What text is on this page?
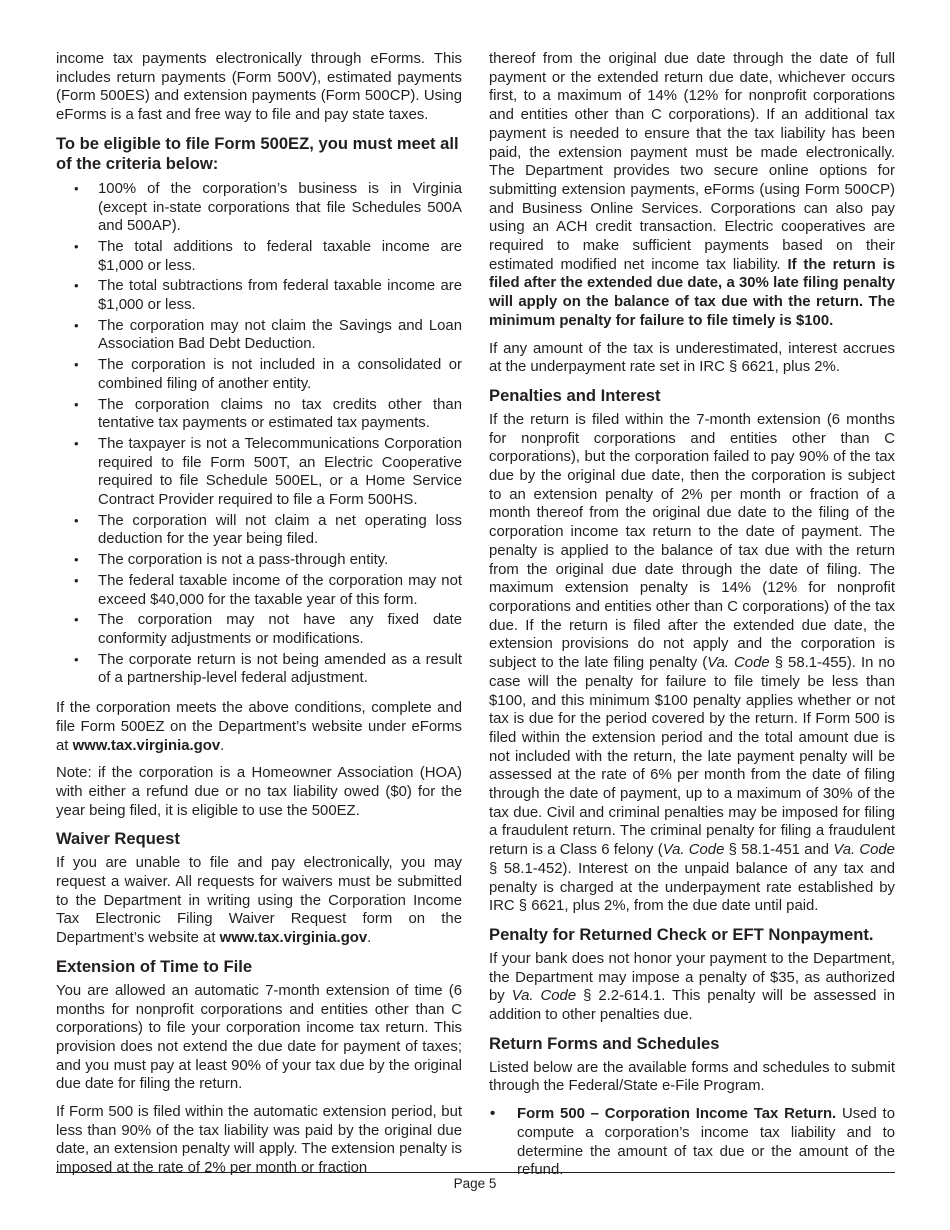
income tax payments electronically through eForms. This includes return payments (Form 500V), estimated payments (Form 500ES) and extension payments (Form 500CP). Using eForms is a fast and free way to file and pay state taxes.

To be eligible to file Form 500EZ, you must meet all of the criteria below:
• 100% of the corporation’s business is in Virginia (except in-state corporations that file Schedules 500A and 500AP).
• The total additions to federal taxable income are $1,000 or less.
• The total subtractions from federal taxable income are $1,000 or less.
• The corporation may not claim the Savings and Loan Association Bad Debt Deduction.
• The corporation is not included in a consolidated or combined filing of another entity.
• The corporation claims no tax credits other than tentative tax payments or estimated tax payments.
• The taxpayer is not a Telecommunications Corporation required to file Form 500T, an Electric Cooperative required to file Schedule 500EL, or a Home Service Contract Provider required to file a Form 500HS.
• The corporation will not claim a net operating loss deduction for the year being filed.
• The corporation is not a pass-through entity.
• The federal taxable income of the corporation may not exceed $40,000 for the taxable year of this form.
• The corporation may not have any fixed date conformity adjustments or modifications.
• The corporate return is not being amended as a result of a partnership-level federal adjustment.

If the corporation meets the above conditions, complete and file Form 500EZ on the Department’s website under eForms at www.tax.virginia.gov.

Note: if the corporation is a Homeowner Association (HOA) with either a refund due or no tax liability owed ($0) for the year being filed, it is eligible to use the 500EZ.

Waiver Request

If you are unable to file and pay electronically, you may request a waiver. All requests for waivers must be submitted to the Department in writing using the Corporation Income Tax Electronic Filing Waiver Request form on the Department’s website at www.tax.virginia.gov.

Extension of Time to File

You are allowed an automatic 7-month extension of time (6 months for nonprofit corporations and entities other than C corporations) to file your corporation income tax return. This provision does not extend the due date for payment of taxes; and you must pay at least 90% of your tax due by the original due date for filing the return.

If Form 500 is filed within the automatic extension period, but less than 90% of the tax liability was paid by the original due date, an extension penalty will apply. The extension penalty is imposed at the rate of 2% per month or fraction

thereof from the original due date through the date of full payment or the extended return due date, whichever occurs first, to a maximum of 14% (12% for nonprofit corporations and entities other than C corporations). If an additional tax payment is needed to ensure that the tax liability has been paid, the extension payment must be made electronically. The Department provides two secure online options for submitting extension payments, eForms (using Form 500CP) and Business Online Services. Corporations can also pay using an ACH credit transaction. Electric cooperatives are required to make sufficient payments based on their estimated modified net income tax liability. If the return is filed after the extended due date, a 30% late filing penalty will apply on the balance of tax due with the return. The minimum penalty for failure to file timely is $100.

If any amount of the tax is underestimated, interest accrues at the underpayment rate set in IRC § 6621, plus 2%.

Penalties and Interest

If the return is filed within the 7-month extension (6 months for nonprofit corporations and entities other than C corporations), but the corporation failed to pay 90% of the tax due by the original due date, then the corporation is subject to an extension penalty of 2% per month or fraction of a month thereof from the original due date to the filing of the corporation income tax return to the date of payment. The penalty is applied to the balance of tax due with the return from the original due date through the date of filing. The maximum extension penalty is 14% (12% for nonprofit corporations and entities other than C corporations) of the tax due. If the return is filed after the extended due date, the extension provisions do not apply and the corporation is subject to the late filing penalty (Va. Code § 58.1-455). In no case will the penalty for failure to file timely be less than $100, and this minimum $100 penalty applies whether or not tax is due for the period covered by the return. If Form 500 is filed within the extension period and the total amount due is not included with the return, the late payment penalty will be assessed at the rate of 6% per month from the date of filing through the date of payment, up to a maximum of 30% of the tax due. Civil and criminal penalties may be imposed for filing a fraudulent return. The criminal penalty for filing a fraudulent return is a Class 6 felony (Va. Code § 58.1-451 and Va. Code § 58.1-452). Interest on the unpaid balance of any tax and penalty is charged at the underpayment rate established by IRC § 6621, plus 2%, from the due date until paid.

Penalty for Returned Check or EFT Nonpayment.

If your bank does not honor your payment to the Department, the Department may impose a penalty of $35, as authorized by Va. Code § 2.2-614.1. This penalty will be assessed in addition to other penalties due.

Return Forms and Schedules

Listed below are the available forms and schedules to submit through the Federal/State e-File Program.

• Form 500 – Corporation Income Tax Return. Used to compute a corporation’s income tax liability and to determine the amount of tax due or the amount of the refund.
Page 5
